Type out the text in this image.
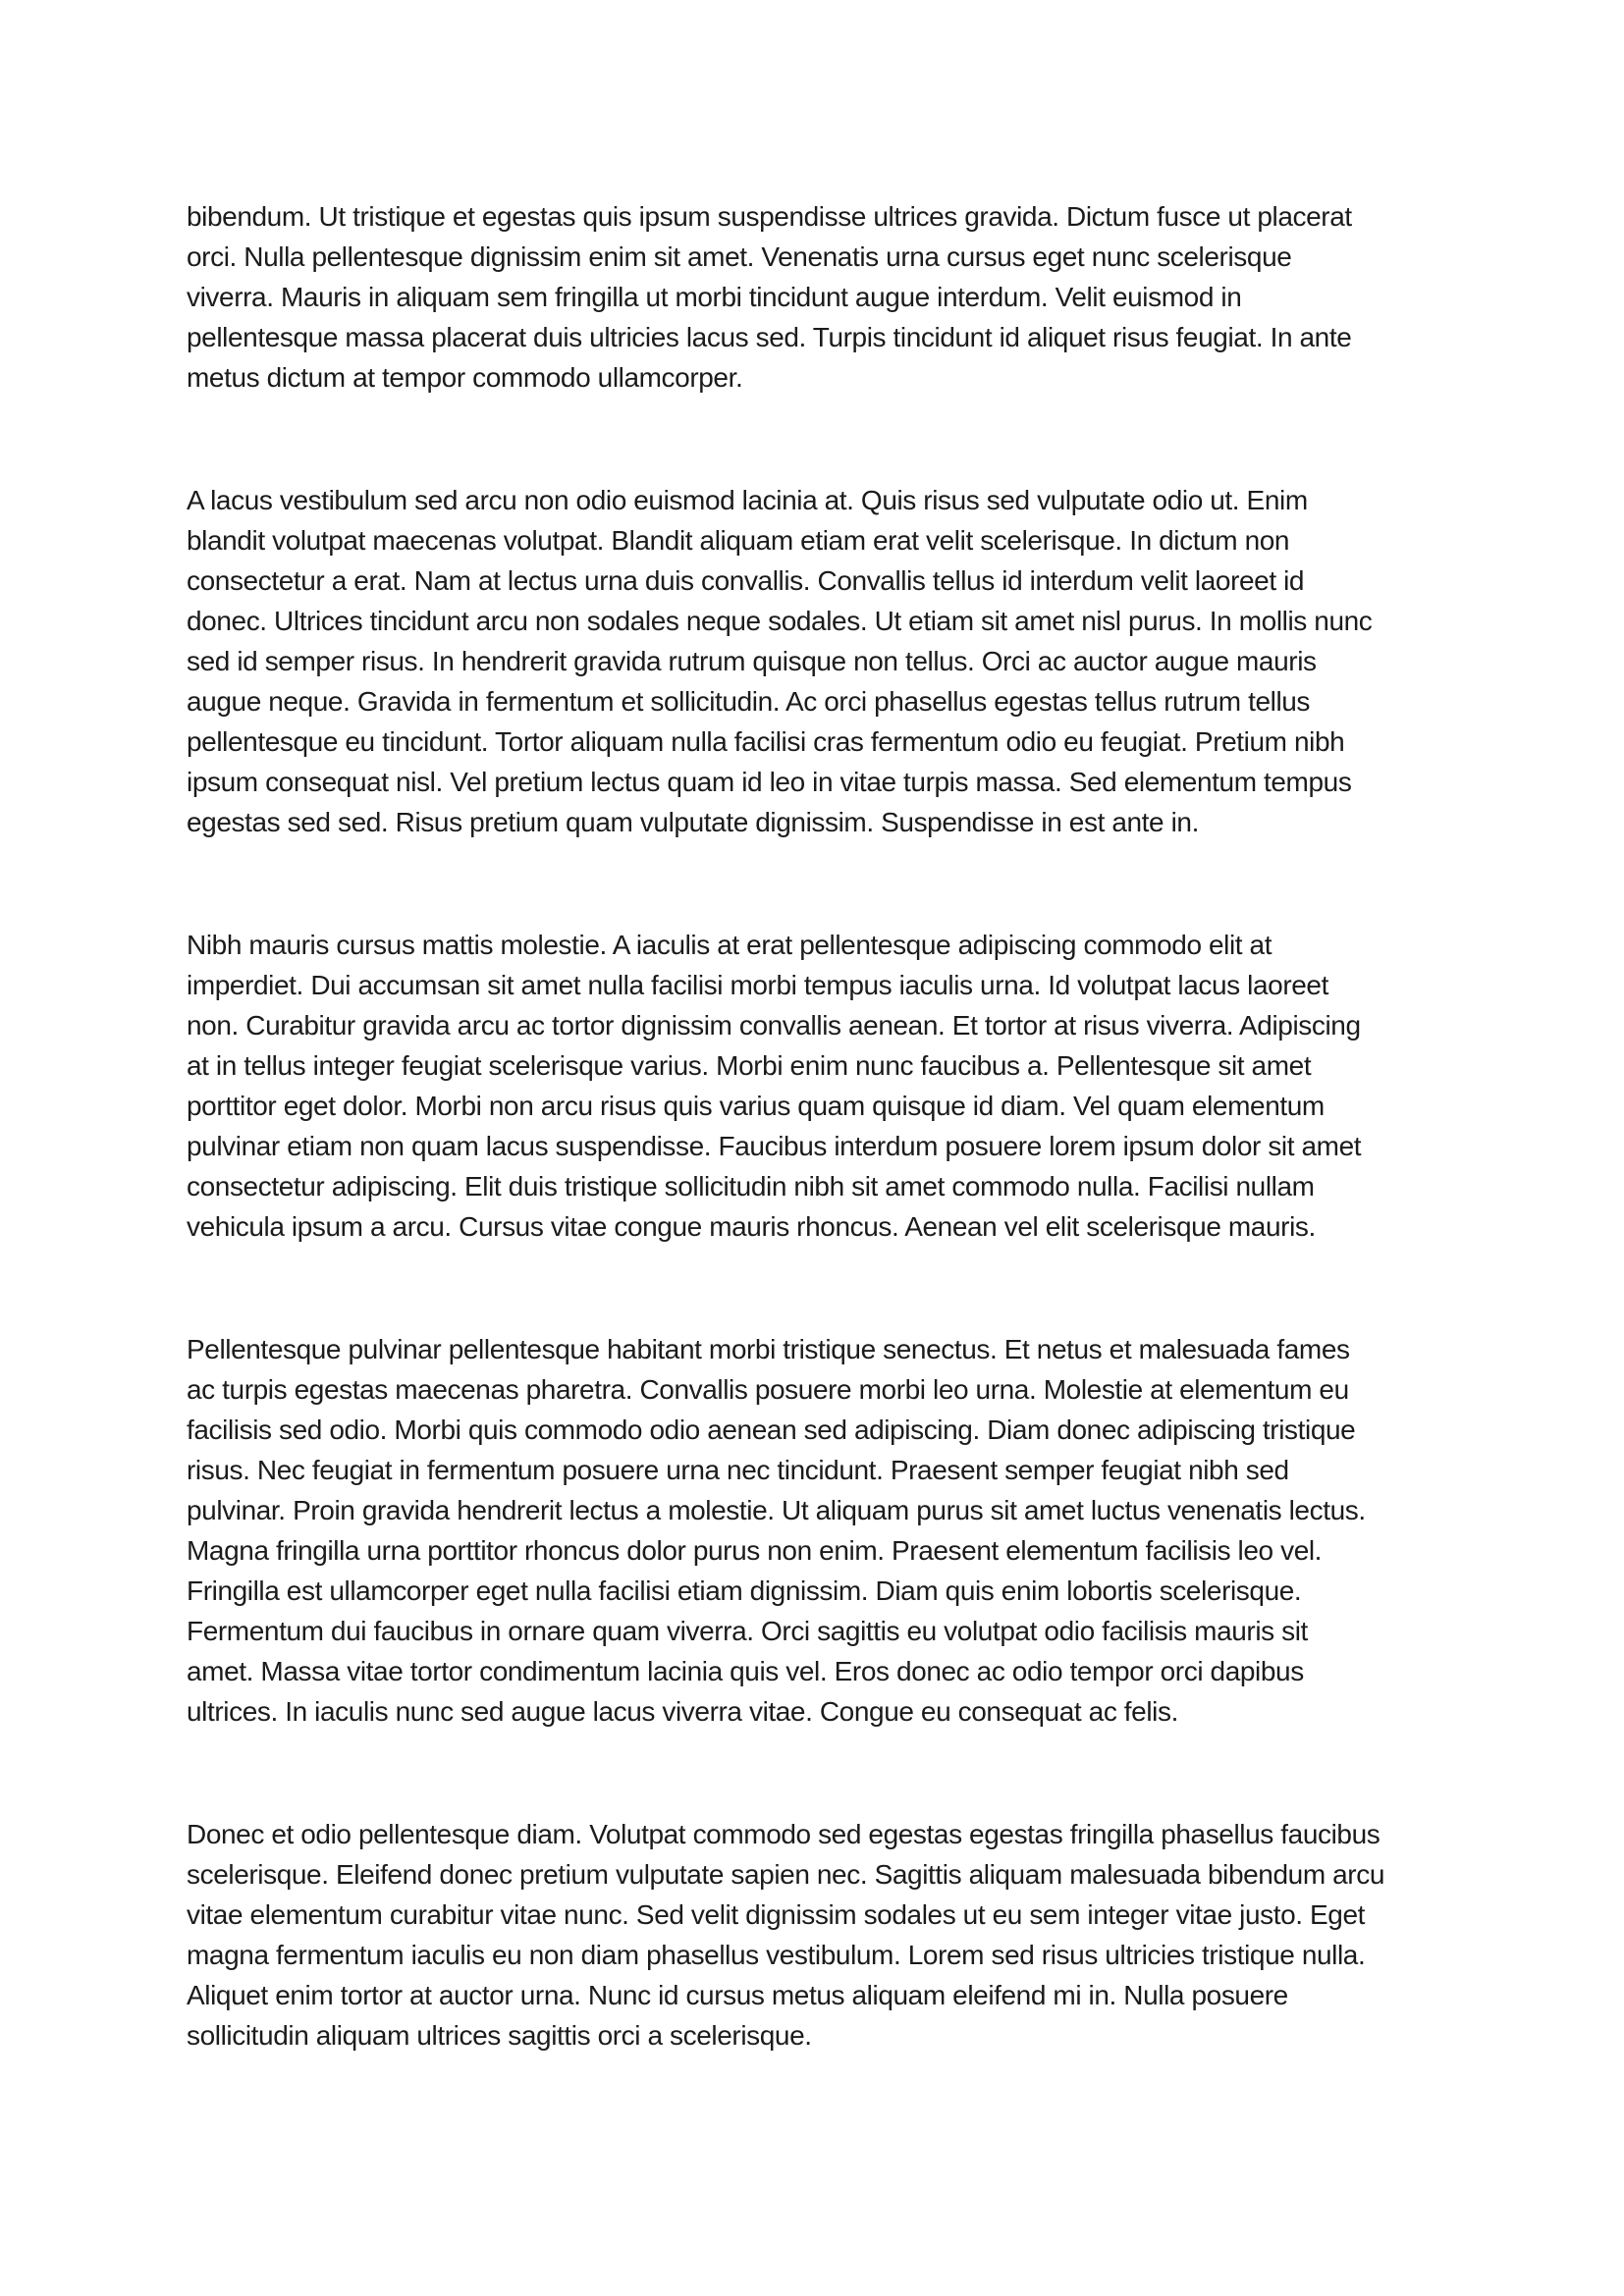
bibendum. Ut tristique et egestas quis ipsum suspendisse ultrices gravida. Dictum fusce ut placerat
orci. Nulla pellentesque dignissim enim sit amet. Venenatis urna cursus eget nunc scelerisque
viverra. Mauris in aliquam sem fringilla ut morbi tincidunt augue interdum. Velit euismod in
pellentesque massa placerat duis ultricies lacus sed. Turpis tincidunt id aliquet risus feugiat. In ante
metus dictum at tempor commodo ullamcorper.

A lacus vestibulum sed arcu non odio euismod lacinia at. Quis risus sed vulputate odio ut. Enim
blandit volutpat maecenas volutpat. Blandit aliquam etiam erat velit scelerisque. In dictum non
consectetur a erat. Nam at lectus urna duis convallis. Convallis tellus id interdum velit laoreet id
donec. Ultrices tincidunt arcu non sodales neque sodales. Ut etiam sit amet nisl purus. In mollis nunc
sed id semper risus. In hendrerit gravida rutrum quisque non tellus. Orci ac auctor augue mauris
augue neque. Gravida in fermentum et sollicitudin. Ac orci phasellus egestas tellus rutrum tellus
pellentesque eu tincidunt. Tortor aliquam nulla facilisi cras fermentum odio eu feugiat. Pretium nibh
ipsum consequat nisl. Vel pretium lectus quam id leo in vitae turpis massa. Sed elementum tempus
egestas sed sed. Risus pretium quam vulputate dignissim. Suspendisse in est ante in.

Nibh mauris cursus mattis molestie. A iaculis at erat pellentesque adipiscing commodo elit at
imperdiet. Dui accumsan sit amet nulla facilisi morbi tempus iaculis urna. Id volutpat lacus laoreet
non. Curabitur gravida arcu ac tortor dignissim convallis aenean. Et tortor at risus viverra. Adipiscing
at in tellus integer feugiat scelerisque varius. Morbi enim nunc faucibus a. Pellentesque sit amet
porttitor eget dolor. Morbi non arcu risus quis varius quam quisque id diam. Vel quam elementum
pulvinar etiam non quam lacus suspendisse. Faucibus interdum posuere lorem ipsum dolor sit amet
consectetur adipiscing. Elit duis tristique sollicitudin nibh sit amet commodo nulla. Facilisi nullam
vehicula ipsum a arcu. Cursus vitae congue mauris rhoncus. Aenean vel elit scelerisque mauris.

Pellentesque pulvinar pellentesque habitant morbi tristique senectus. Et netus et malesuada fames
ac turpis egestas maecenas pharetra. Convallis posuere morbi leo urna. Molestie at elementum eu
facilisis sed odio. Morbi quis commodo odio aenean sed adipiscing. Diam donec adipiscing tristique
risus. Nec feugiat in fermentum posuere urna nec tincidunt. Praesent semper feugiat nibh sed
pulvinar. Proin gravida hendrerit lectus a molestie. Ut aliquam purus sit amet luctus venenatis lectus.
Magna fringilla urna porttitor rhoncus dolor purus non enim. Praesent elementum facilisis leo vel.
Fringilla est ullamcorper eget nulla facilisi etiam dignissim. Diam quis enim lobortis scelerisque.
Fermentum dui faucibus in ornare quam viverra. Orci sagittis eu volutpat odio facilisis mauris sit
amet. Massa vitae tortor condimentum lacinia quis vel. Eros donec ac odio tempor orci dapibus
ultrices. In iaculis nunc sed augue lacus viverra vitae. Congue eu consequat ac felis.

Donec et odio pellentesque diam. Volutpat commodo sed egestas egestas fringilla phasellus faucibus
scelerisque. Eleifend donec pretium vulputate sapien nec. Sagittis aliquam malesuada bibendum arcu
vitae elementum curabitur vitae nunc. Sed velit dignissim sodales ut eu sem integer vitae justo. Eget
magna fermentum iaculis eu non diam phasellus vestibulum. Lorem sed risus ultricies tristique nulla.
Aliquet enim tortor at auctor urna. Nunc id cursus metus aliquam eleifend mi in. Nulla posuere
sollicitudin aliquam ultrices sagittis orci a scelerisque.
